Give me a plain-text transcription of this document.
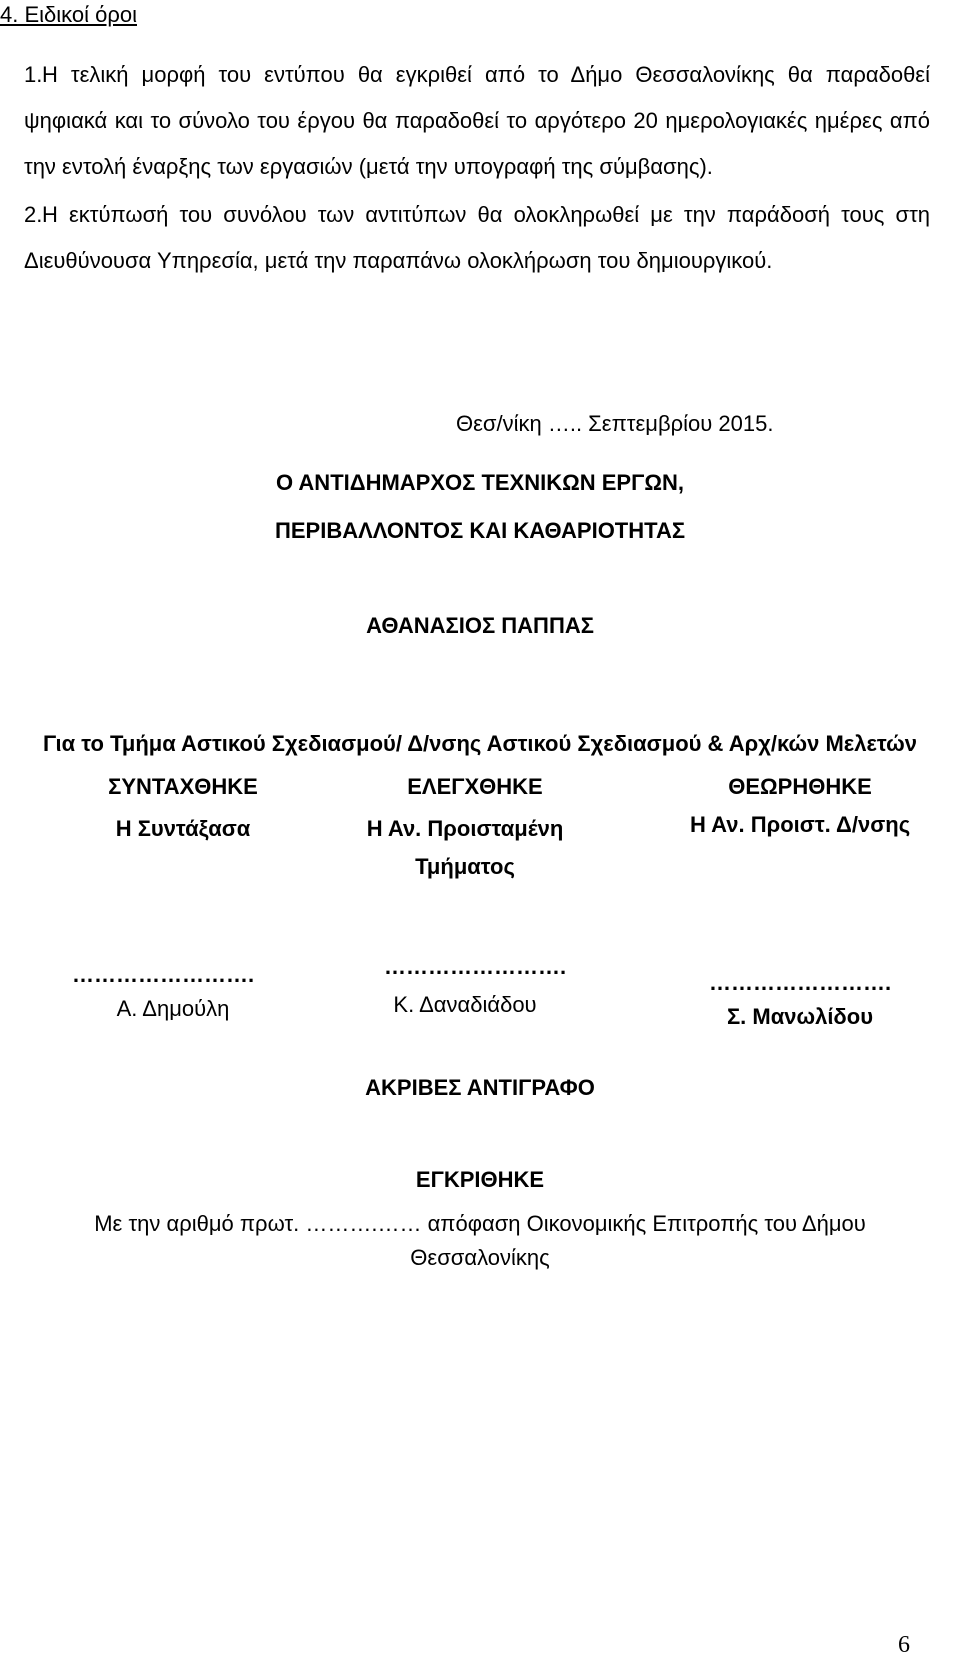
4. Ειδικοί όροι
1.Η τελική μορφή του εντύπου θα εγκριθεί από το Δήμο Θεσσαλονίκης θα παραδοθεί ψηφιακά και το σύνολο του έργου θα παραδοθεί το αργότερο 20 ημερολογιακές ημέρες από την εντολή έναρξης των εργασιών (μετά την υπογραφή της σύμβασης).
2.Η εκτύπωσή του συνόλου των αντιτύπων θα ολοκληρωθεί με την παράδοσή τους στη Διευθύνουσα Υπηρεσία, μετά την παραπάνω ολοκλήρωση του δημιουργικού.
Θεσ/νίκη ….. Σεπτεμβρίου 2015.
Ο ΑΝΤΙΔΗΜΑΡΧΟΣ ΤΕΧΝΙΚΩΝ ΕΡΓΩΝ,
ΠΕΡΙΒΑΛΛΟΝΤΟΣ ΚΑΙ ΚΑΘΑΡΙΟΤΗΤΑΣ
ΑΘΑΝΑΣΙΟΣ ΠΑΠΠΑΣ
Για το Τμήμα Αστικού Σχεδιασμού/ Δ/νσης Αστικού Σχεδιασμού & Αρχ/κών Μελετών
ΣΥΝΤΑΧΘΗΚΕ
Η Συντάξασα
…………………….
Α. Δημούλη
ΕΛΕΓΧΘΗΚΕ
Η Αν. Προισταμένη
Τμήματος
…………………….
Κ. Δαναδιάδου
ΘΕΩΡΗΘΗΚΕ
Η Αν. Προιστ. Δ/νσης
…………………….
Σ. Μανωλίδου
ΑΚΡΙΒΕΣ ΑΝΤΙΓΡΑΦΟ
ΕΓΚΡΙΘΗΚΕ
Με την αριθμό πρωτ. ……….…… απόφαση Οικονομικής Επιτροπής του Δήμου Θεσσαλονίκης
6
